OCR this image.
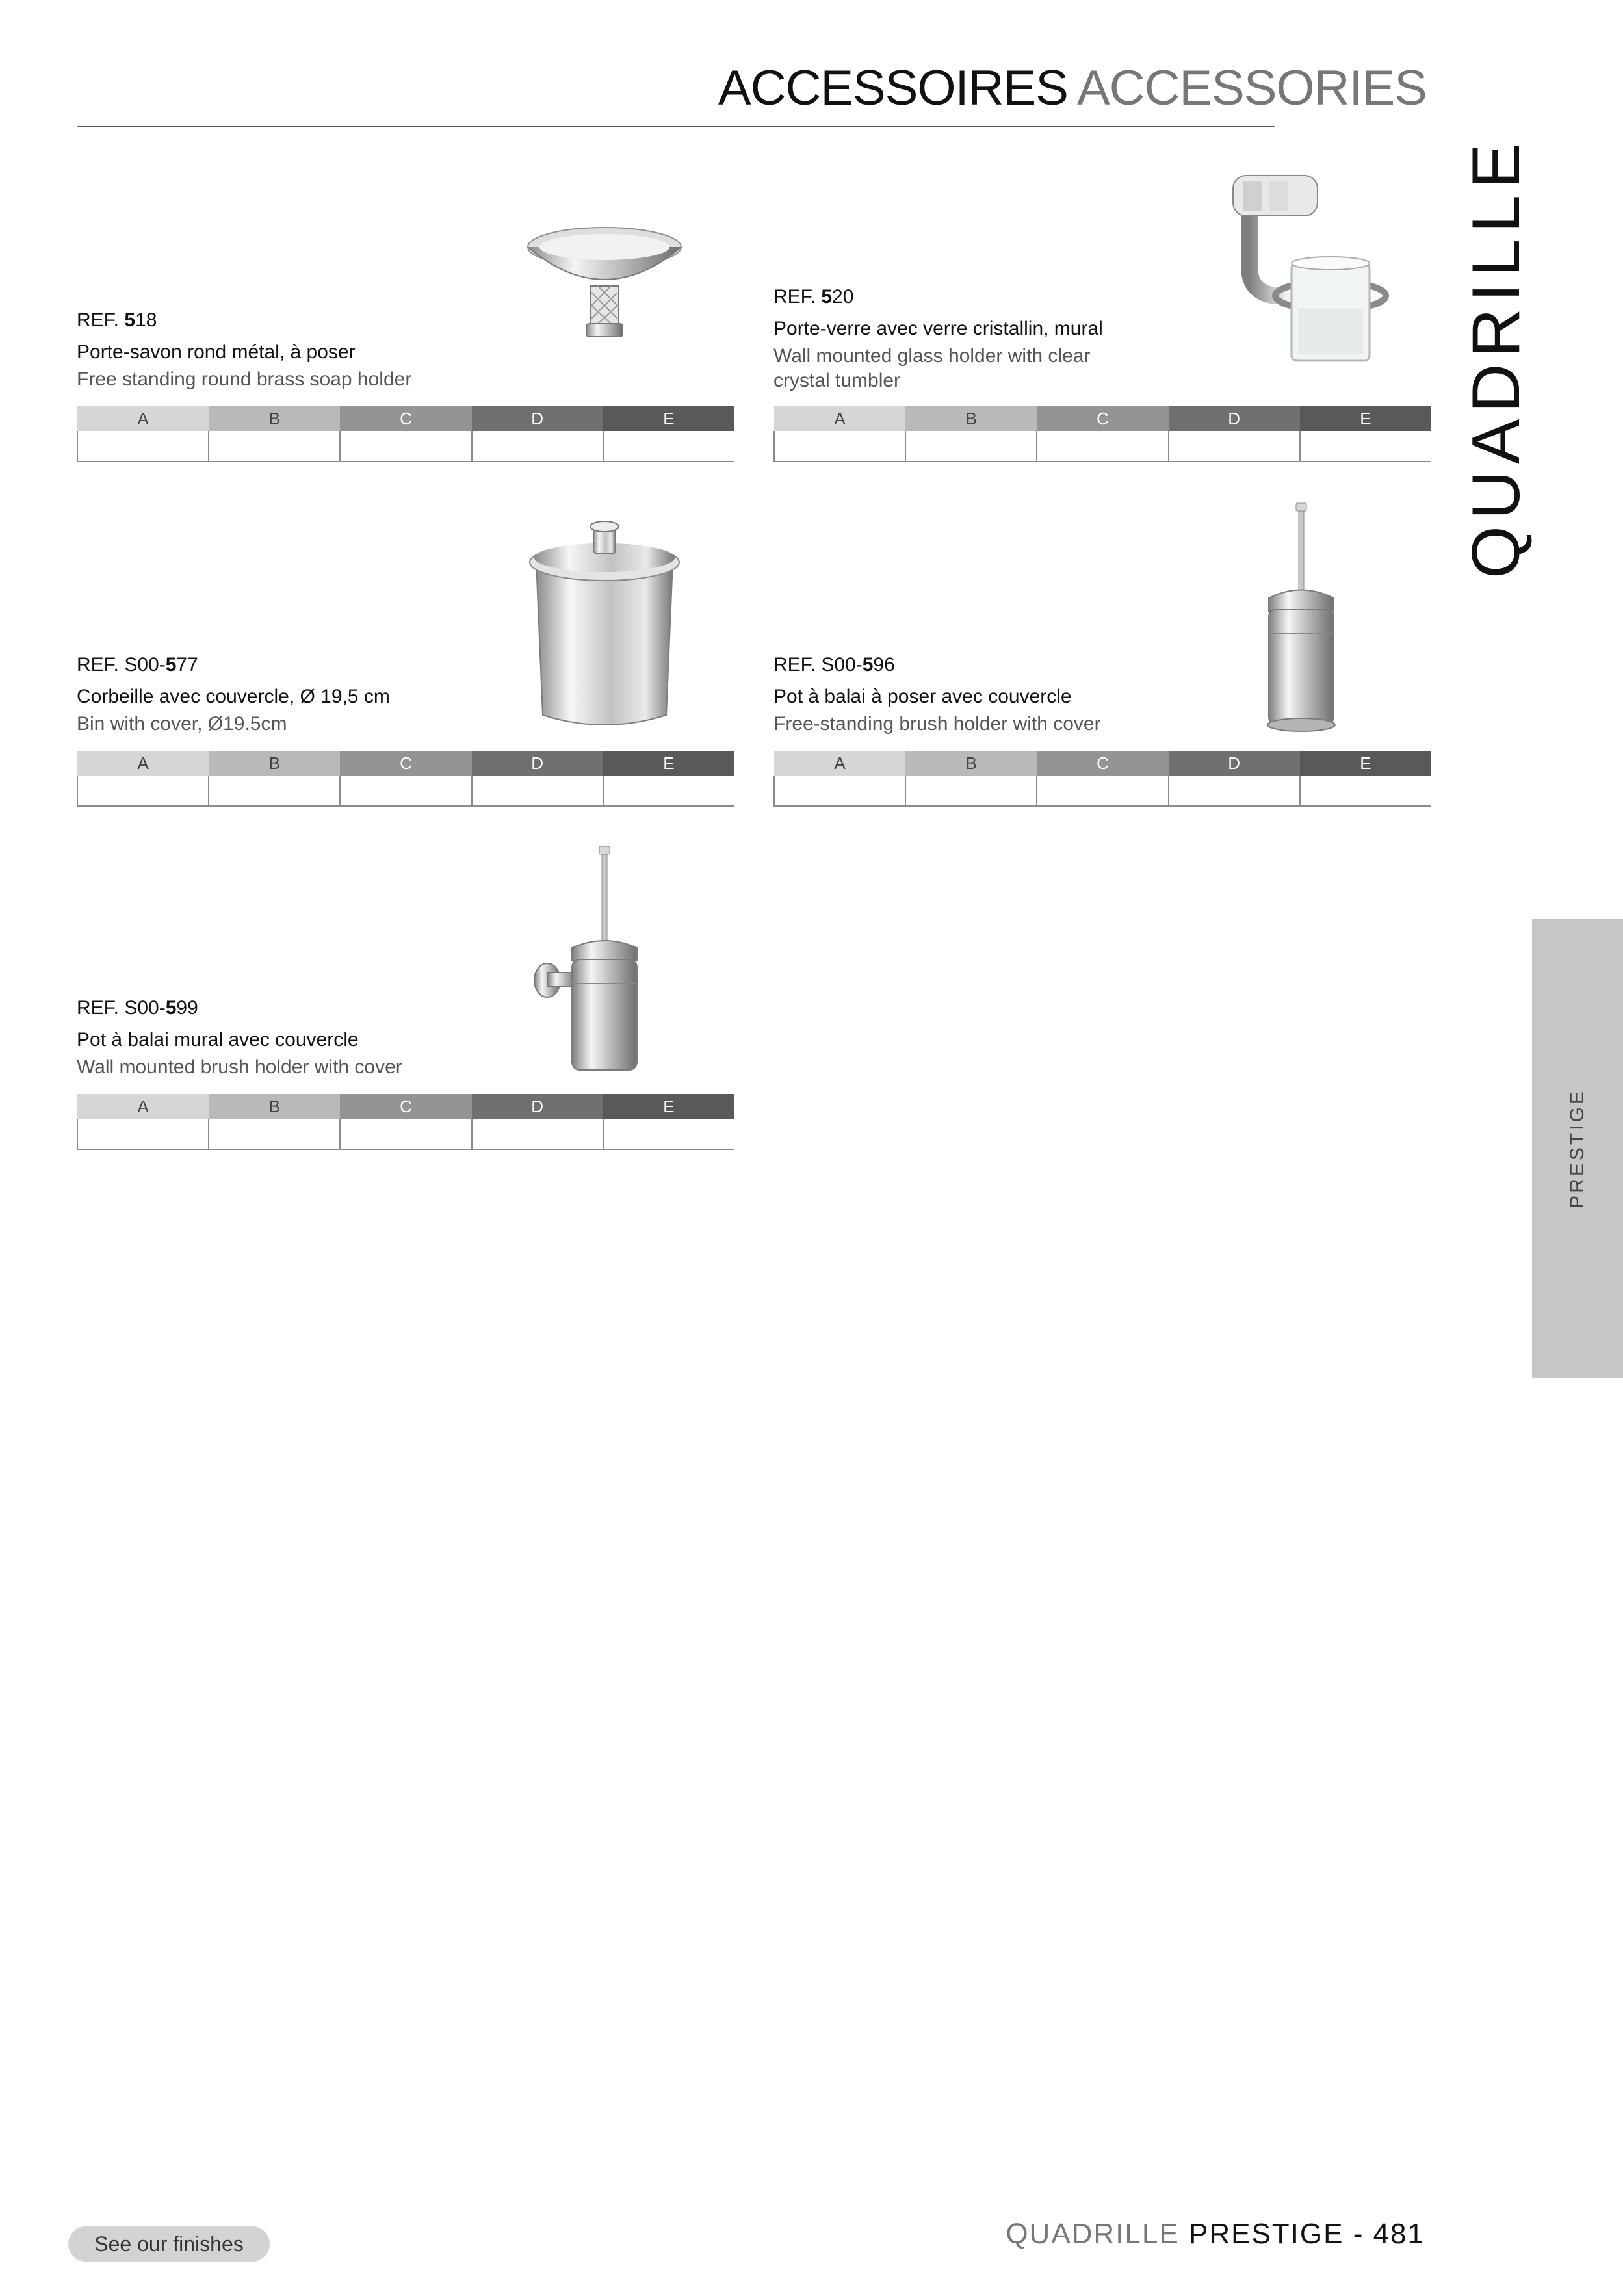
ACCESSOIRES ACCESSORIES
QUADRILLE
PRESTIGE
REF. 518
Porte-savon rond métal, à poser
Free standing round brass soap holder
A	B	C	D	E

REF. 520
Porte-verre avec verre cristallin, mural
Wall mounted glass holder with clear crystal tumbler
A	B	C	D	E

REF. S00-577
Corbeille avec couvercle, Ø 19,5 cm
Bin with cover, Ø19.5cm
A	B	C	D	E

REF. S00-596
Pot à balai à poser avec couvercle
Free-standing brush holder with cover
A	B	C	D	E

REF. S00-599
Pot à balai mural avec couvercle
Wall mounted brush holder with cover
A	B	C	D	E

See our finishes	QUADRILLE PRESTIGE - 481
